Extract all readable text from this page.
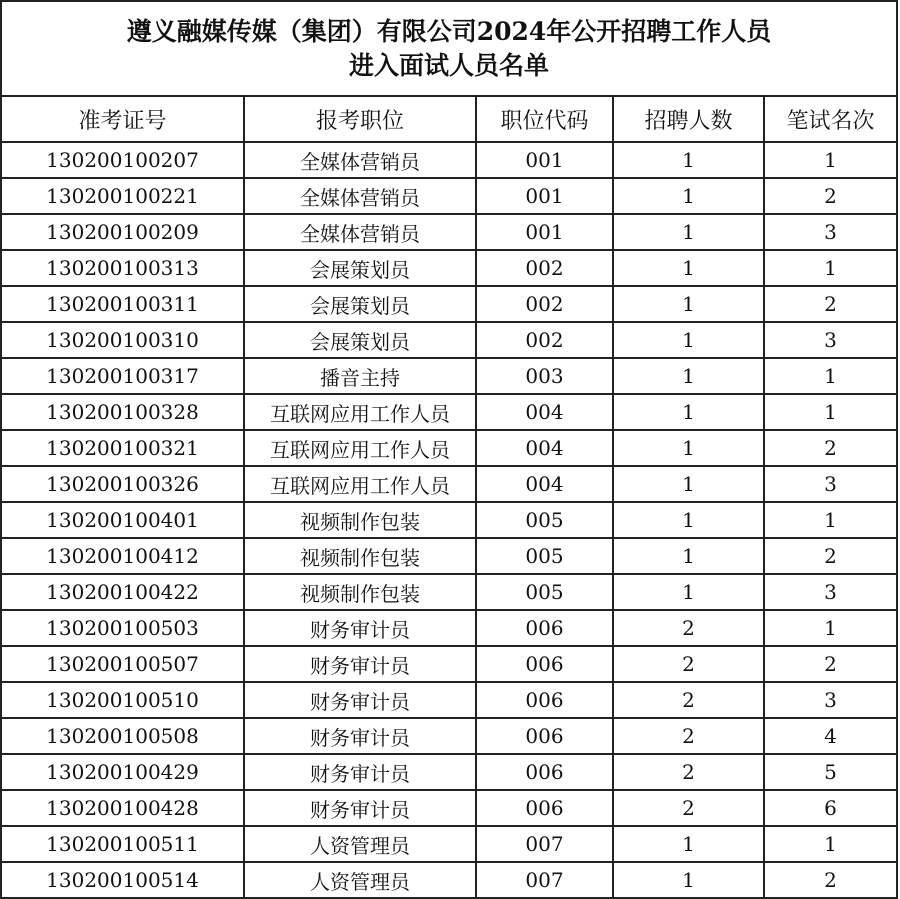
遵义融媒传媒（集团）有限公司2024年公开招聘工作人员
进入面试人员名单
准考证号	报考职位	职位代码	招聘人数	笔试名次
130200100207	全媒体营销员	001	1	1
130200100221	全媒体营销员	001	1	2
130200100209	全媒体营销员	001	1	3
130200100313	会展策划员	002	1	1
130200100311	会展策划员	002	1	2
130200100310	会展策划员	002	1	3
130200100317	播音主持	003	1	1
130200100328	互联网应用工作人员	004	1	1
130200100321	互联网应用工作人员	004	1	2
130200100326	互联网应用工作人员	004	1	3
130200100401	视频制作包装	005	1	1
130200100412	视频制作包装	005	1	2
130200100422	视频制作包装	005	1	3
130200100503	财务审计员	006	2	1
130200100507	财务审计员	006	2	2
130200100510	财务审计员	006	2	3
130200100508	财务审计员	006	2	4
130200100429	财务审计员	006	2	5
130200100428	财务审计员	006	2	6
130200100511	人资管理员	007	1	1
130200100514	人资管理员	007	1	2
